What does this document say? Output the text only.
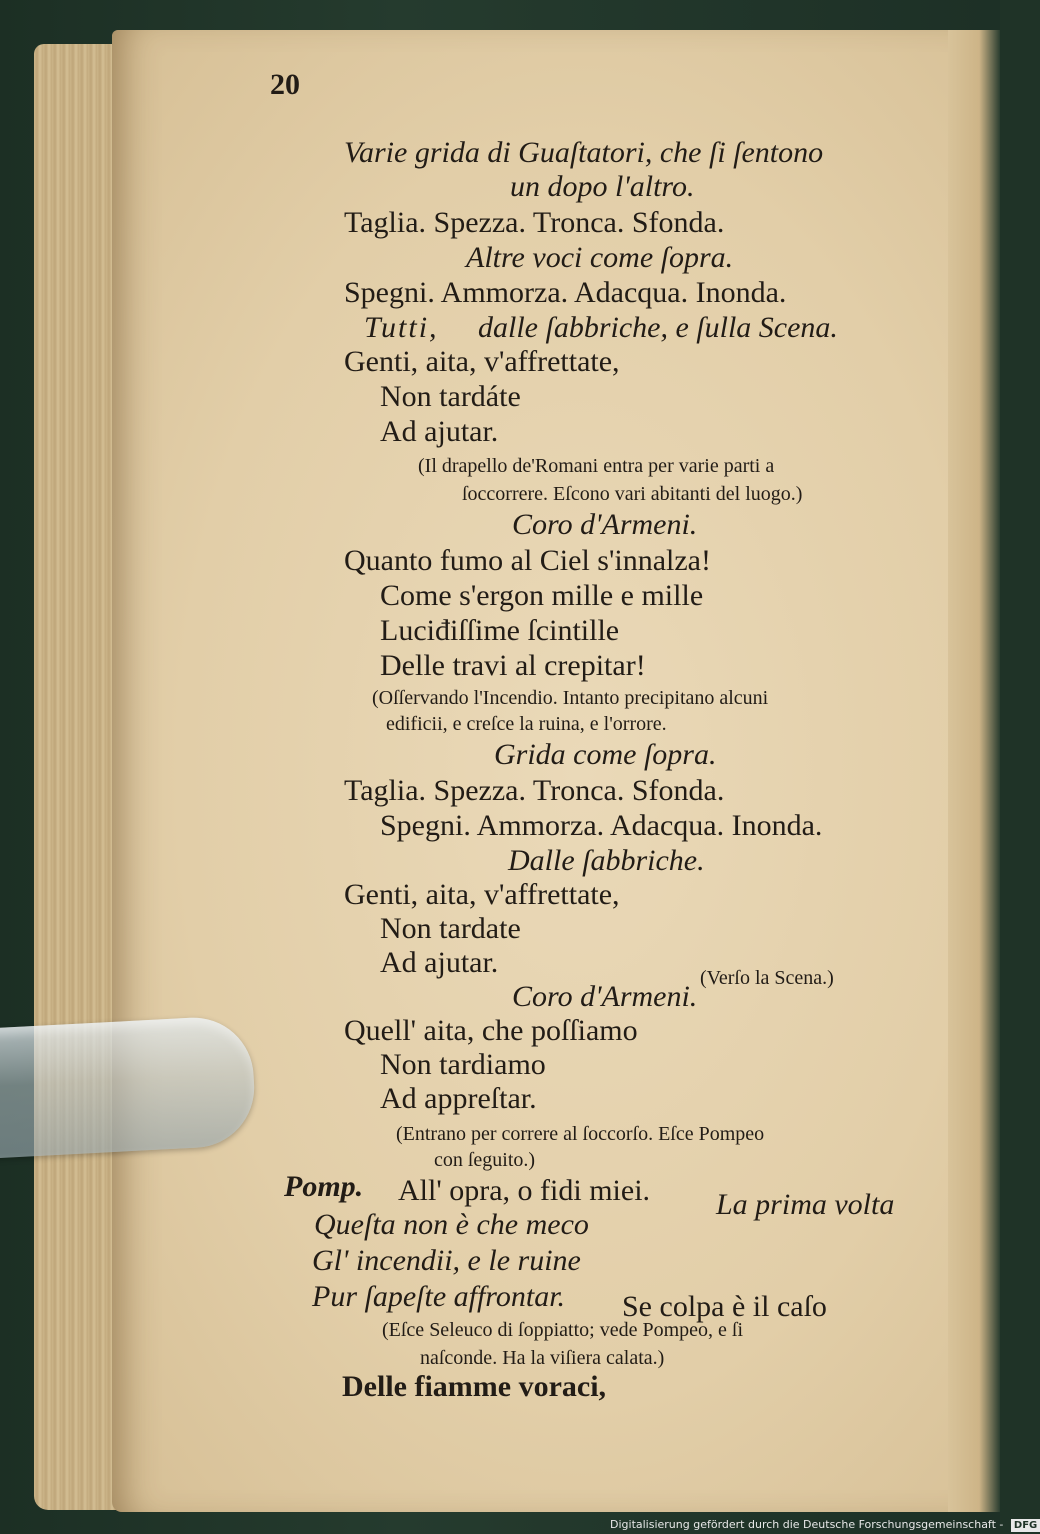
20
Varie grida di Guaſtatori, che ſi ſentono
un dopo l'altro.
Taglia. Spezza. Tronca. Sfonda.
Altre voci come ſopra.
Spegni. Ammorza. Adacqua. Inonda.
Tutti, dalle ſabbriche, e ſulla Scena.
Genti, aita, v'affrettate,
Non tardáte
Ad ajutar.
(Il drapello de'Romani entra per varie parti a
ſoccorrere. Eſcono vari abitanti del luogo.)
Coro d'Armeni.
Quanto fumo al Ciel s'innalza!
Come s'ergon mille e mille
Luciđiſſime ſcintille
Delle travi al crepitar!
(Oſſervando l'Incendio. Intanto precipitano alcuni
edificii, e creſce la ruina, e l'orrore.
Grida come ſopra.
Taglia. Spezza. Tronca. Sfonda.
Spegni. Ammorza. Adacqua. Inonda.
Dalle ſabbriche.
Genti, aita, v'affrettate,
Non tardate
Ad ajutar.	(Verſo la Scena.)
Coro d'Armeni.
Quell' aita, che poſſiamo
Non tardiamo
Ad appreſtar.
(Entrano per correre al ſoccorſo. Eſce Pompeo
con ſeguito.)
Pomp. All' opra, o fidi miei. La prima volta
Queſta non è che meco
Gl' incendii, e le ruine
Pur ſapeſte affrontar. Se colpa è il caſo
(Eſce Seleuco di ſoppiatto; vede Pompeo, e ſi
naſconde. Ha la viſiera calata.)
Delle fiamme voraci,
Digitalisierung gefördert durch die Deutsche Forschungsgemeinschaft - DFG
